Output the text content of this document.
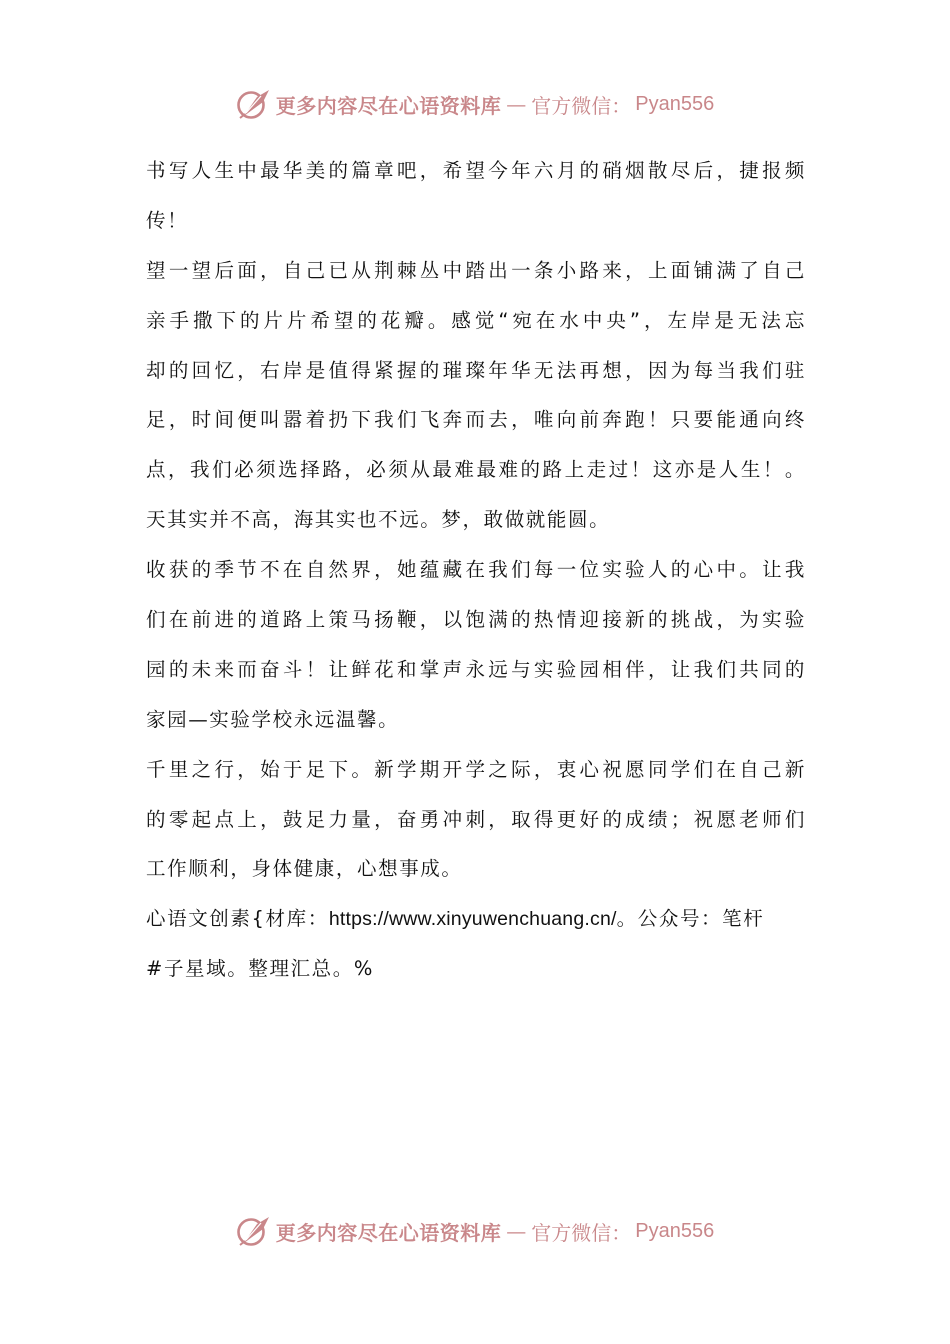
更多内容尽在心语资料库 — 官方微信： Pyan556
书写人生中最华美的篇章吧，希望今年六月的硝烟散尽后，捷报频
传！
望一望后面，自己已从荆棘丛中踏出一条小路来，上面铺满了自己
亲手撒下的片片希望的花瓣。感觉“宛在水中央”，左岸是无法忘
却的回忆，右岸是值得紧握的璀璨年华无法再想，因为每当我们驻
足，时间便叫嚣着扔下我们飞奔而去，唯向前奔跑！只要能通向终
点，我们必须选择路，必须从最难最难的路上走过！这亦是人生！。
天其实并不高，海其实也不远。梦，敢做就能圆。
收获的季节不在自然界，她蕴藏在我们每一位实验人的心中。让我
们在前进的道路上策马扬鞭，以饱满的热情迎接新的挑战，为实验
园的未来而奋斗！让鲜花和掌声永远与实验园相伴，让我们共同的
家园—实验学校永远温馨。
千里之行，始于足下。新学期开学之际，衷心祝愿同学们在自己新
的零起点上，鼓足力量，奋勇冲刺，取得更好的成绩；祝愿老师们
工作顺利，身体健康，心想事成。
心语文创素{材库：https://www.xinyuwenchuang.cn/。公众号：笔杆
#子星域。整理汇总。%
更多内容尽在心语资料库 — 官方微信： Pyan556
